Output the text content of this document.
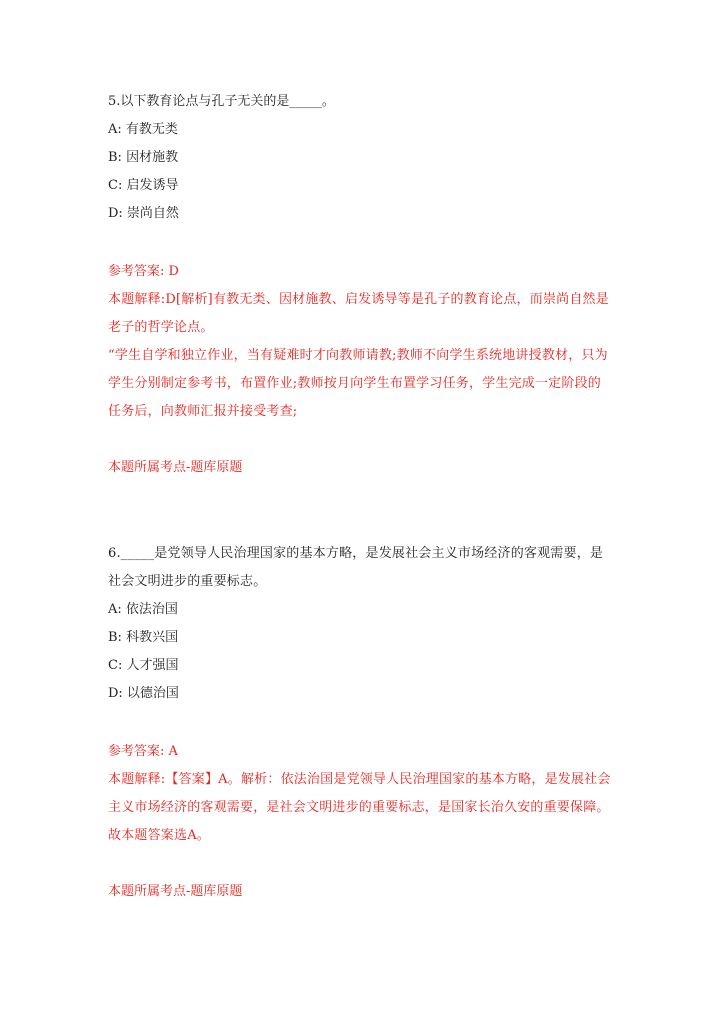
5.以下教育论点与孔子无关的是_____。
A: 有教无类
B: 因材施教
C: 启发诱导
D: 崇尚自然
参考答案: D
本题解释:D[解析]有教无类、因材施教、启发诱导等是孔子的教育论点，而崇尚自然是老子的哲学论点。
“学生自学和独立作业，当有疑难时才向教师请教;教师不向学生系统地讲授教材，只为学生分别制定参考书，布置作业;教师按月向学生布置学习任务，学生完成一定阶段的任务后，向教师汇报并接受考查;
本题所属考点-题库原题
6._____是党领导人民治理国家的基本方略，是发展社会主义市场经济的客观需要，是社会文明进步的重要标志。
A: 依法治国
B: 科教兴国
C: 人才强国
D: 以德治国
参考答案: A
本题解释:【答案】A。解析：依法治国是党领导人民治理国家的基本方略，是发展社会主义市场经济的客观需要，是社会文明进步的重要标志，是国家长治久安的重要保障。故本题答案选A。
本题所属考点-题库原题
